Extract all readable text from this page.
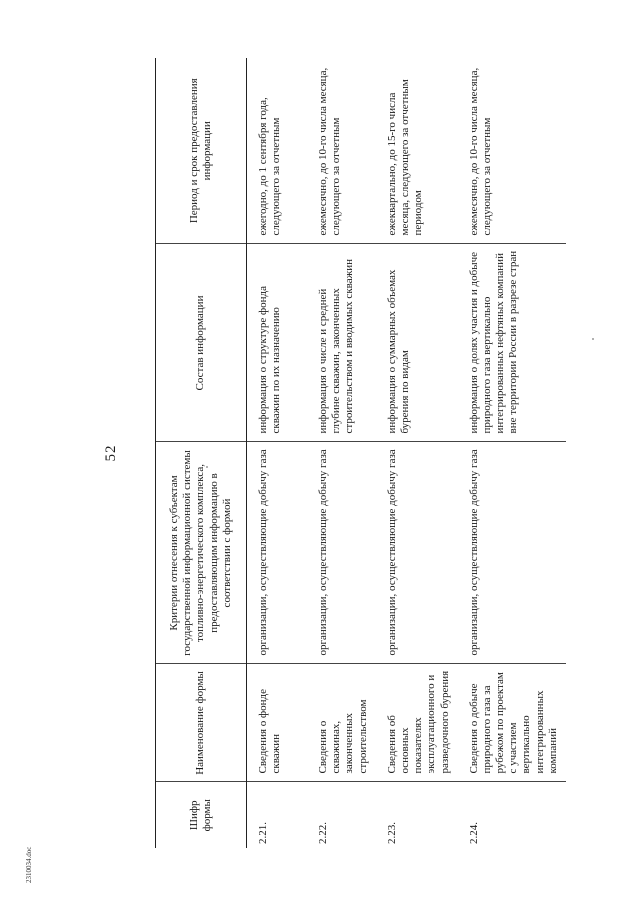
52
Шифр формы	Наименование формы	Критерии отнесения к субъектам государственной информационной системы топливно-энергетического комплекса, предоставляющим информацию в соответствии с формой	Состав информации	Период и срок предоставления информации
2.21.	Сведения о фонде скважин	организации, осуществляющие добычу газа	информация о структуре фонда скважин по их назначению	ежегодно, до 1 сентября года, следующего за отчетным
2.22.	Сведения о скважинах, законченных строительством	организации, осуществляющие добычу газа	информация о числе и средней глубине скважин, законченных строительством и вводимых скважин	ежемесячно, до 10-го числа месяца, следующего за отчетным
2.23.	Сведения об основных показателях эксплуатационного и разведочного бурения	организации, осуществляющие добычу газа	информация о суммарных объемах бурения по видам	ежеквартально, до 15-го числа месяца, следующего за отчетным периодом
2.24.	Сведения о добыче природного газа за рубежом по проектам с участием вертикально интегрированных компаний	организации, осуществляющие добычу газа	информация о долях участия и добыче природного газа вертикально интегрированных нефтяных компаний вне территории России в разрезе стран	ежемесячно, до 10-го числа месяца, следующего за отчетным
2310034.doc
